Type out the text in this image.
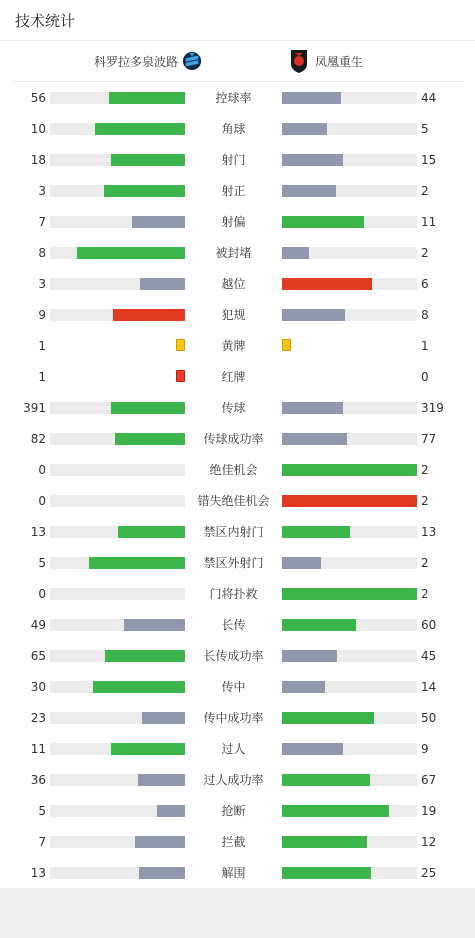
技术统计
科罗拉多泉波路	凤凰重生
56	控球率	44
10	角球	5
18	射门	15
3	射正	2
7	射偏	11
8	被封堵	2
3	越位	6
9	犯规	8
1	黄牌	1
1	红牌	0
391	传球	319
82	传球成功率	77
0	绝佳机会	2
0	错失绝佳机会	2
13	禁区内射门	13
5	禁区外射门	2
0	门将扑救	2
49	长传	60
65	长传成功率	45
30	传中	14
23	传中成功率	50
11	过人	9
36	过人成功率	67
5	抢断	19
7	拦截	12
13	解围	25
